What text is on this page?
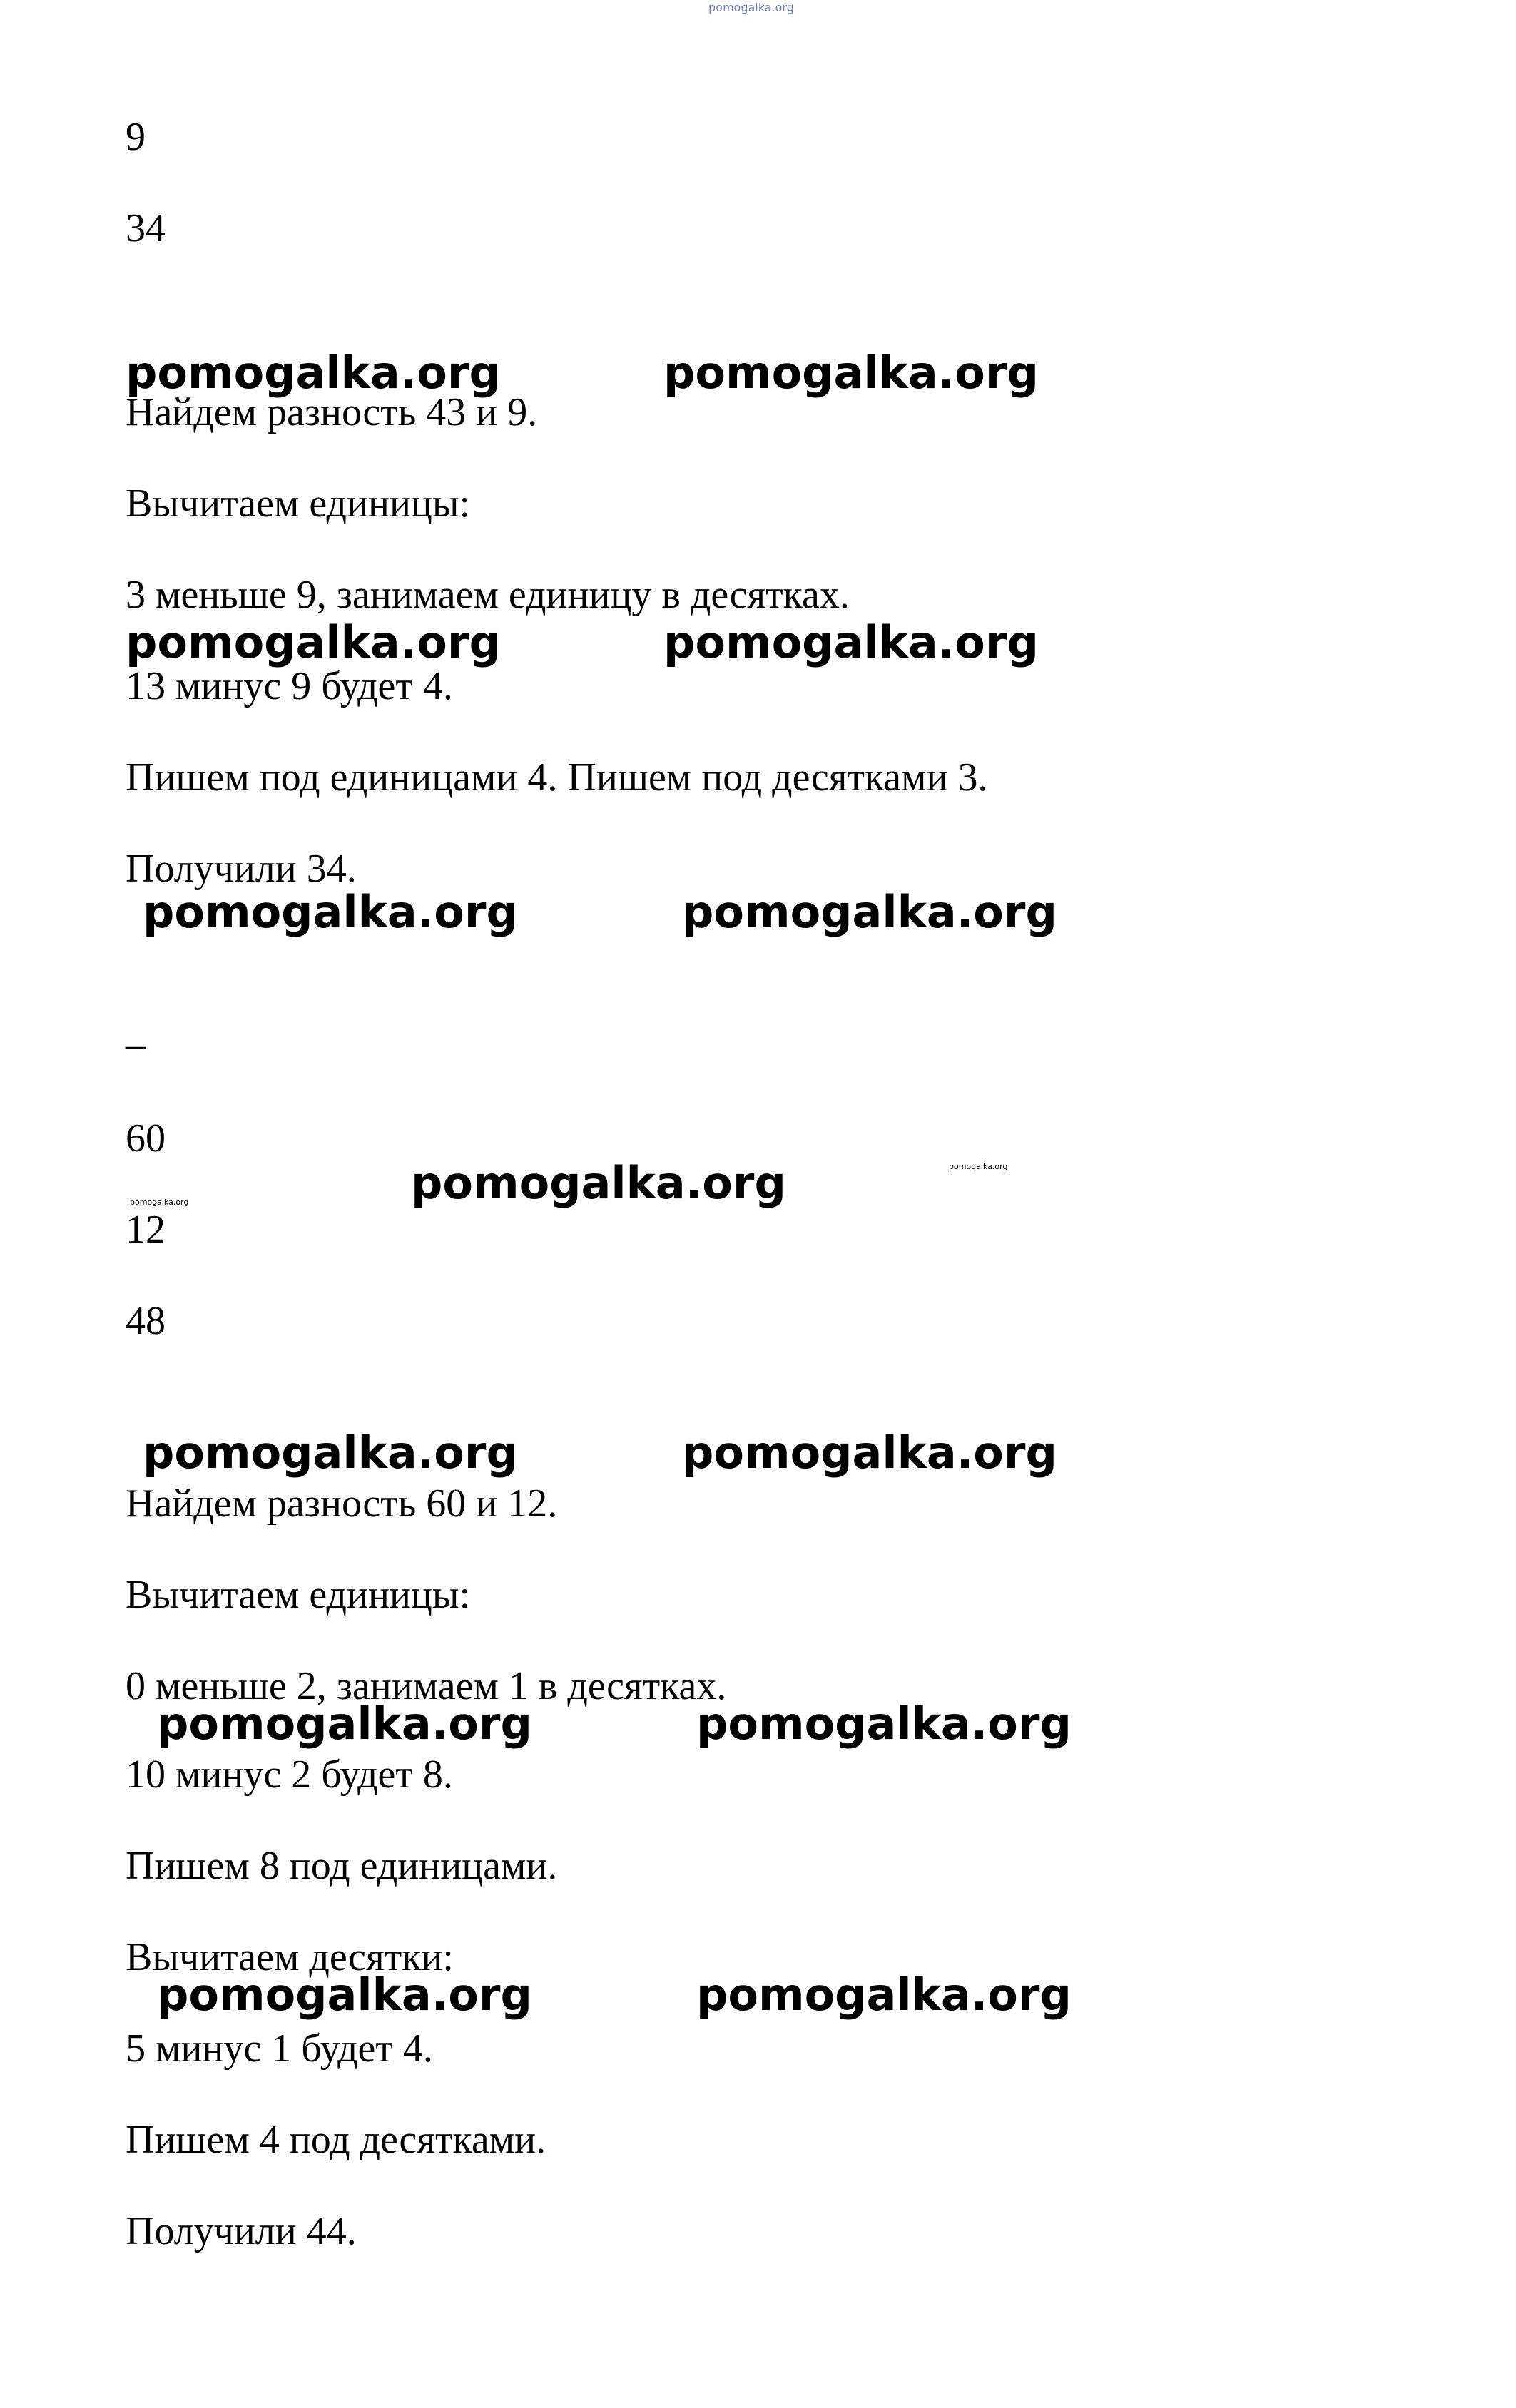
pomogalka.org
9
34
pomogalka.org	pomogalka.org
Найдем разность 43 и 9.
Вычитаем единицы:
3 меньше 9, занимаем единицу в десятках.
pomogalka.org	pomogalka.org
13 минус 9 будет 4.
Пишем под единицами 4. Пишем под десятками 3.
Получили 34.
pomogalka.org	pomogalka.org
–
60
pomogalka.org	pomogalka.org
pomogalka.org
12
48
pomogalka.org	pomogalka.org
Найдем разность 60 и 12.
Вычитаем единицы:
0 меньше 2, занимаем 1 в десятках.
pomogalka.org	pomogalka.org
10 минус 2 будет 8.
Пишем 8 под единицами.
Вычитаем десятки:
pomogalka.org	pomogalka.org
5 минус 1 будет 4.
Пишем 4 под десятками.
Получили 44.
